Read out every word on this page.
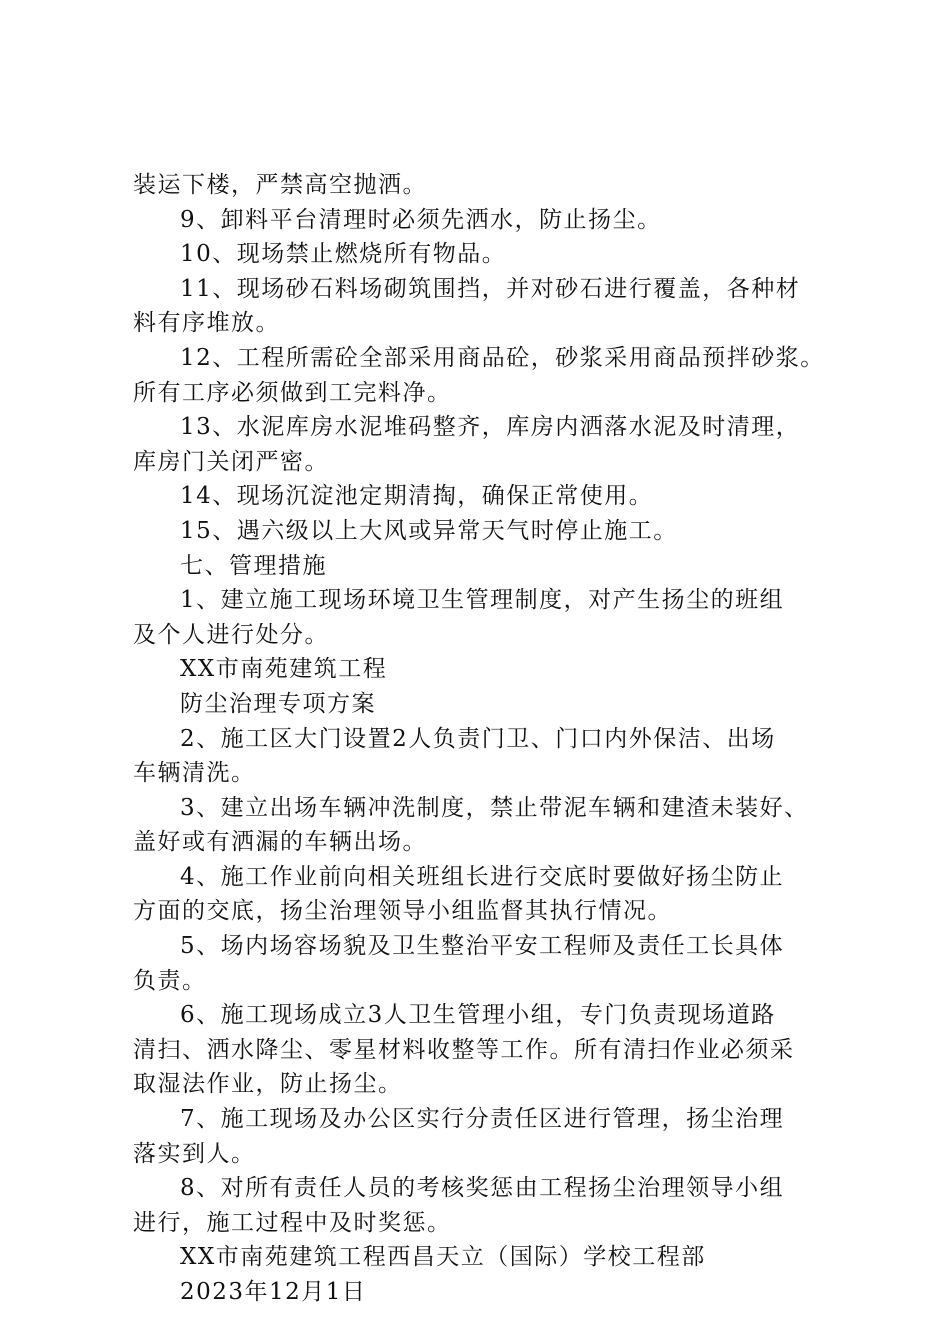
装运下楼，严禁高空抛洒。
9、卸料平台清理时必须先洒水，防止扬尘。
10、现场禁止燃烧所有物品。
11、现场砂石料场砌筑围挡，并对砂石进行覆盖，各种材
料有序堆放。
12、工程所需砼全部采用商品砼，砂浆采用商品预拌砂浆。
所有工序必须做到工完料净。
13、水泥库房水泥堆码整齐，库房内洒落水泥及时清理，
库房门关闭严密。
14、现场沉淀池定期清掏，确保正常使用。
15、遇六级以上大风或异常天气时停止施工。
七、管理措施
1、建立施工现场环境卫生管理制度，对产生扬尘的班组
及个人进行处分。
XX市南苑建筑工程
防尘治理专项方案
2、施工区大门设置2人负责门卫、门口内外保洁、出场
车辆清洗。
3、建立出场车辆冲洗制度，禁止带泥车辆和建渣未装好、
盖好或有洒漏的车辆出场。
4、施工作业前向相关班组长进行交底时要做好扬尘防止
方面的交底，扬尘治理领导小组监督其执行情况。
5、场内场容场貌及卫生整治平安工程师及责任工长具体
负责。
6、施工现场成立3人卫生管理小组，专门负责现场道路
清扫、洒水降尘、零星材料收整等工作。所有清扫作业必须采
取湿法作业，防止扬尘。
7、施工现场及办公区实行分责任区进行管理，扬尘治理
落实到人。
8、对所有责任人员的考核奖惩由工程扬尘治理领导小组
进行，施工过程中及时奖惩。
XX市南苑建筑工程西昌天立（国际）学校工程部
2023年12月1日
